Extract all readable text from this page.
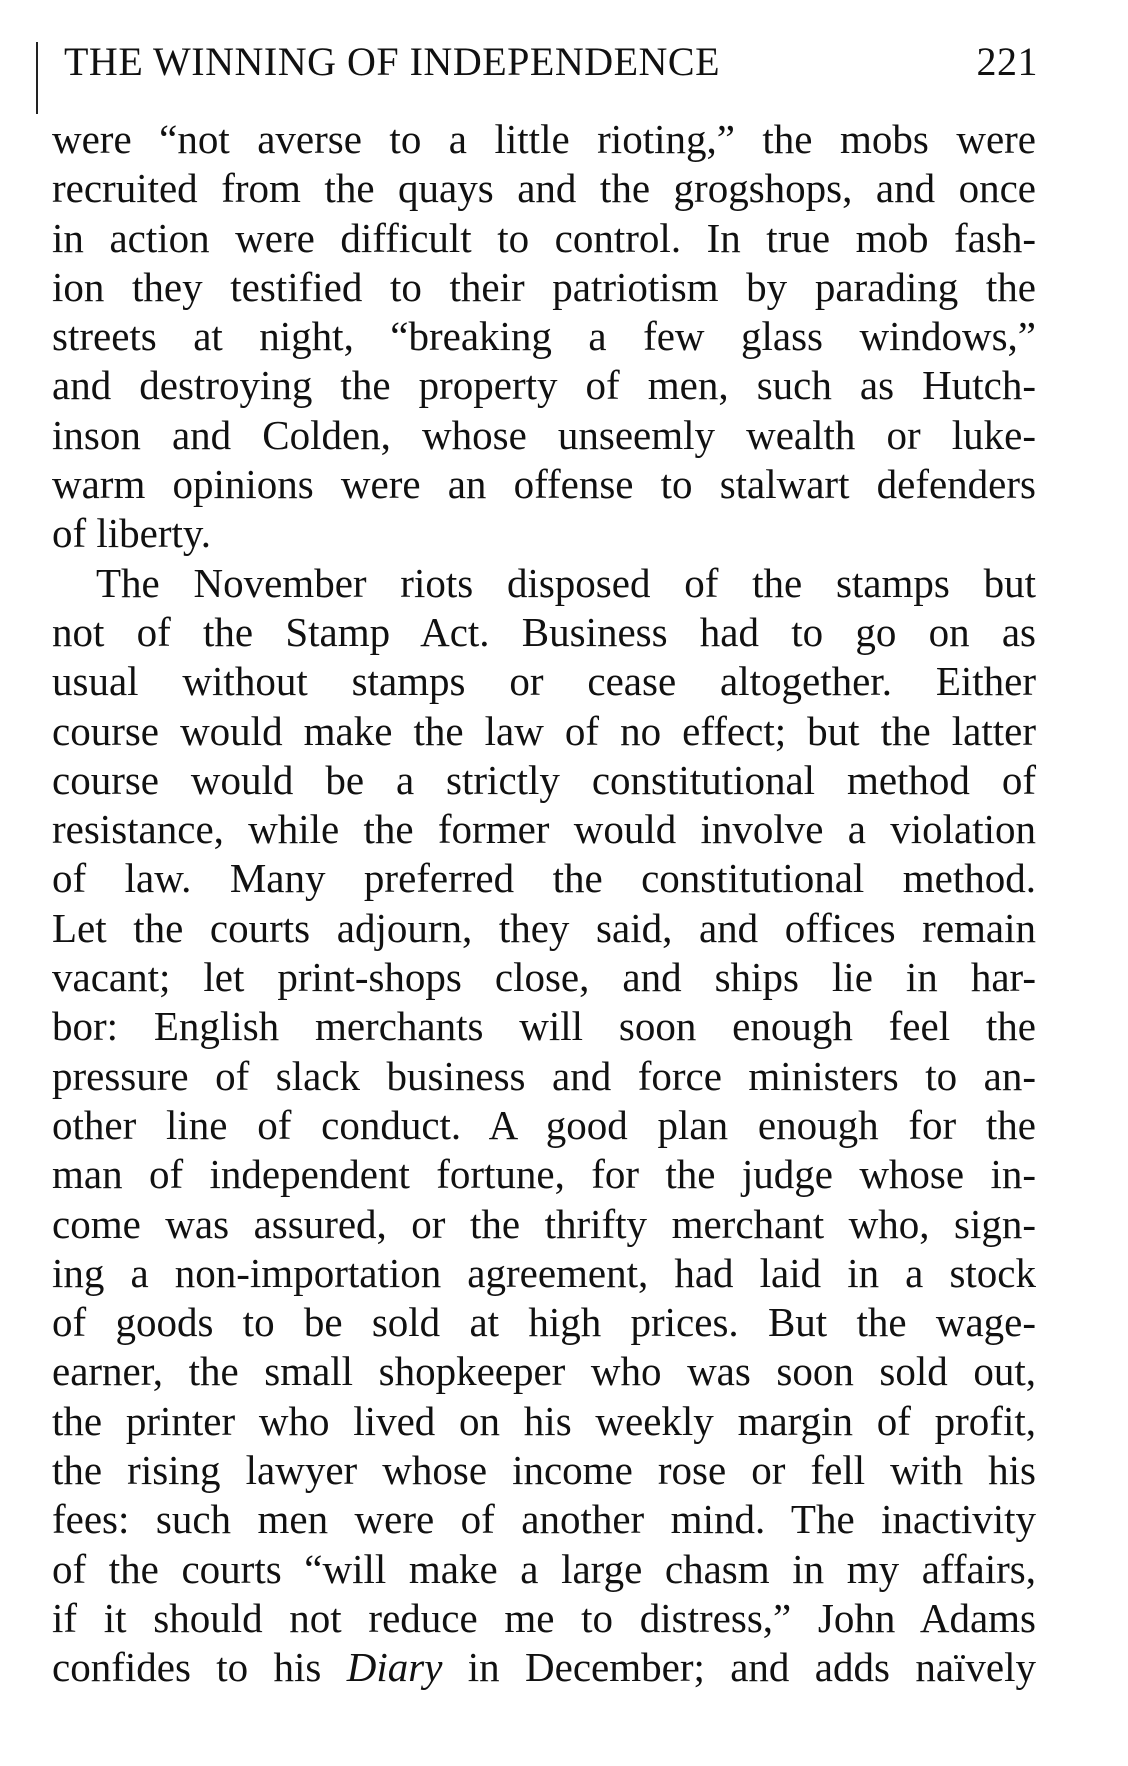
THE WINNING OF INDEPENDENCE	221
were “not averse to a little rioting,” the mobs were
recruited from the quays and the grogshops, and once
in action were difficult to control. In true mob fash-
ion they testified to their patriotism by parading the
streets at night, “breaking a few glass windows,”
and destroying the property of men, such as Hutch-
inson and Colden, whose unseemly wealth or luke-
warm opinions were an offense to stalwart defenders
of liberty.
The November riots disposed of the stamps but
not of the Stamp Act. Business had to go on as
usual without stamps or cease altogether. Either
course would make the law of no effect; but the latter
course would be a strictly constitutional method of
resistance, while the former would involve a violation
of law. Many preferred the constitutional method.
Let the courts adjourn, they said, and offices remain
vacant; let print-shops close, and ships lie in har-
bor: English merchants will soon enough feel the
pressure of slack business and force ministers to an-
other line of conduct. A good plan enough for the
man of independent fortune, for the judge whose in-
come was assured, or the thrifty merchant who, sign-
ing a non-importation agreement, had laid in a stock
of goods to be sold at high prices. But the wage-
earner, the small shopkeeper who was soon sold out,
the printer who lived on his weekly margin of profit,
the rising lawyer whose income rose or fell with his
fees: such men were of another mind. The inactivity
of the courts “will make a large chasm in my affairs,
if it should not reduce me to distress,” John Adams
confides to his Diary in December; and adds naïvely
